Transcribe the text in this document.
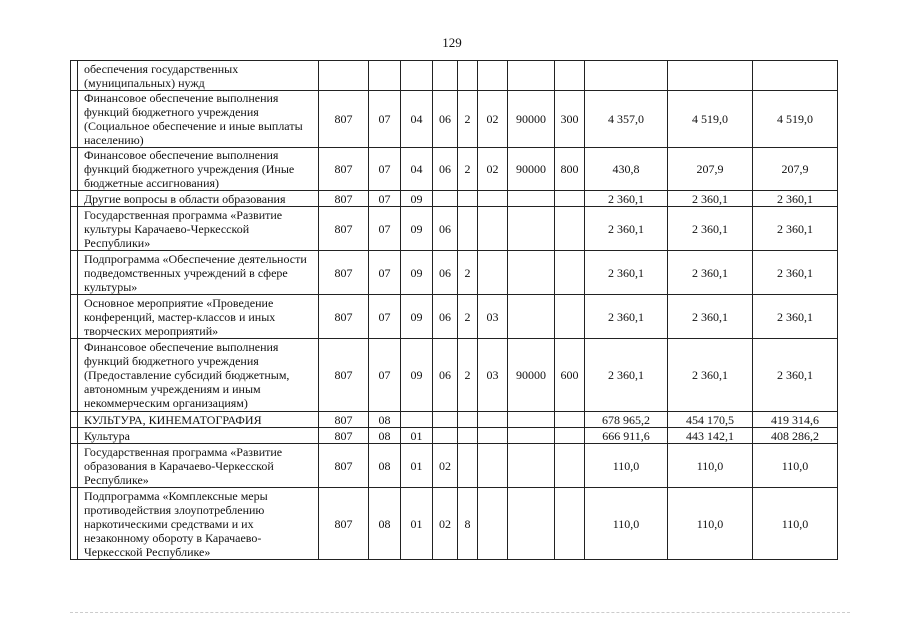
129
	обеспечения государственных (муниципальных) нужд											
	Финансовое обеспечение выполнения функций бюджетного учреждения (Социальное обеспечение и иные выплаты населению)	807	07	04	06	2	02	90000	300	4 357,0	4 519,0	4 519,0
	Финансовое обеспечение выполнения функций бюджетного учреждения (Иные бюджетные ассигнования)	807	07	04	06	2	02	90000	800	430,8	207,9	207,9
	Другие вопросы в области образования	807	07	09						2 360,1	2 360,1	2 360,1
	Государственная программа «Развитие культуры Карачаево-Черкесской Республики»	807	07	09	06					2 360,1	2 360,1	2 360,1
	Подпрограмма «Обеспечение деятельности подведомственных учреждений в сфере культуры»	807	07	09	06	2				2 360,1	2 360,1	2 360,1
	Основное мероприятие «Проведение конференций, мастер-классов и иных творческих мероприятий»	807	07	09	06	2	03			2 360,1	2 360,1	2 360,1
	Финансовое обеспечение выполнения функций бюджетного учреждения (Предоставление субсидий бюджетным, автономным учреждениям и иным некоммерческим организациям)	807	07	09	06	2	03	90000	600	2 360,1	2 360,1	2 360,1
	КУЛЬТУРА, КИНЕМАТОГРАФИЯ	807	08							678 965,2	454 170,5	419 314,6
	Культура	807	08	01						666 911,6	443 142,1	408 286,2
	Государственная программа «Развитие образования в Карачаево-Черкесской Республике»	807	08	01	02					110,0	110,0	110,0
	Подпрограмма «Комплексные меры противодействия злоупотреблению наркотическими средствами и их незаконному обороту в Карачаево-Черкесской Республике»	807	08	01	02	8				110,0	110,0	110,0
